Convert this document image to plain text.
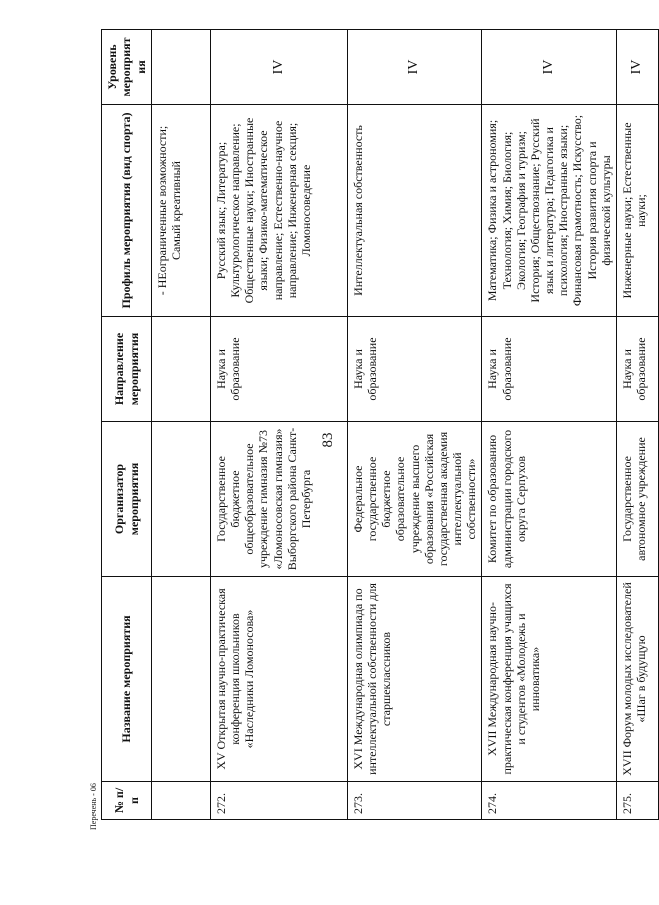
83
Перечень - 06 № п/п	Название мероприятия	Организатор мероприятия	Направление мероприятия	Профиль мероприятия (вид спорта)	Уровень мероприятия
				- НЕограниченные возможности; Самый креативный	
272.	XV Открытая научно-практическая конференция школьников «Наследники Ломоносова»	Государственное бюджетное общеобразовательное учреждение гимназия №73 «Ломоносовская гимназия» Выборгского района Санкт-Петербурга	Наука и образование	Русский язык; Литература; Культурологическое направление; Общественные науки; Иностранные языки; Физико-математическое направление; Естественно-научное направление; Инженерная секция; Ломоносоведение	IV
273.	XVI Международная олимпиада по интеллектуальной собственности для старшеклассников	Федеральное государственное бюджетное образовательное учреждение высшего образования «Российская государственная академия интеллектуальной собственности»	Наука и образование	Интеллектуальная собственность	IV
274.	XVII Международная научно-практическая конференция учащихся и студентов «Молодежь и инноватика»	Комитет по образованию администрации городского округа Серпухов	Наука и образование	Математика; Физика и астрономия; Технология; Химия; Биология; Экология; География и туризм; История; Обществознание; Русский язык и литература; Педагогика и психология; Иностранные языки; Финансовая грамотность; Искусство; История развития спорта и физической культуры	IV
275.	XVII Форум молодых исследователей «Шаг в будущую	Государственное автономное учреждение	Наука и образование	Инженерные науки; Естественные науки;	IV
